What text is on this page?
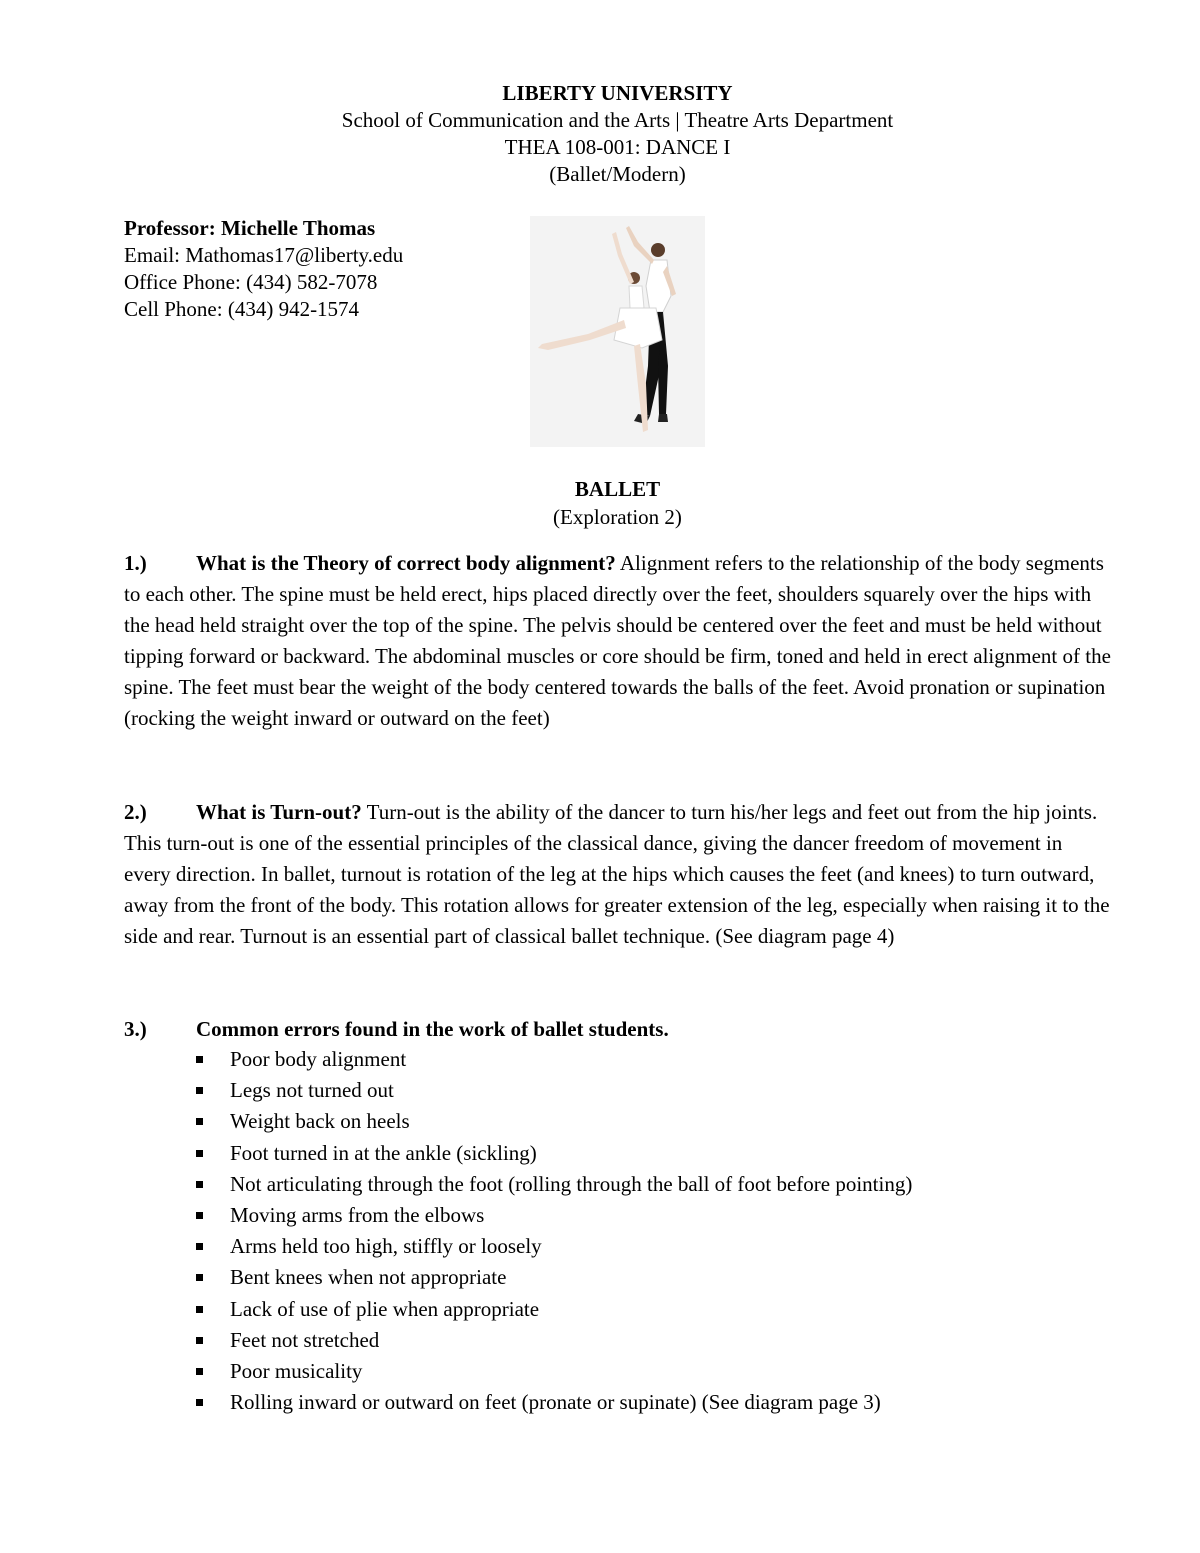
LIBERTY UNIVERSITY
School of Communication and the Arts | Theatre Arts Department
THEA 108-001: DANCE I
(Ballet/Modern)
Professor: Michelle Thomas
Email: Mathomas17@liberty.edu
Office Phone: (434) 582-7078
Cell Phone: (434) 942-1574
BALLET
(Exploration 2)
1.) What is the Theory of correct body alignment? Alignment refers to the relationship of the body segments to each other. The spine must be held erect, hips placed directly over the feet, shoulders squarely over the hips with the head held straight over the top of the spine. The pelvis should be centered over the feet and must be held without tipping forward or backward. The abdominal muscles or core should be firm, toned and held in erect alignment of the spine. The feet must bear the weight of the body centered towards the balls of the feet. Avoid pronation or supination (rocking the weight inward or outward on the feet)
2.) What is Turn-out? Turn-out is the ability of the dancer to turn his/her legs and feet out from the hip joints. This turn-out is one of the essential principles of the classical dance, giving the dancer freedom of movement in every direction. In ballet, turnout is rotation of the leg at the hips which causes the feet (and knees) to turn outward, away from the front of the body. This rotation allows for greater extension of the leg, especially when raising it to the side and rear. Turnout is an essential part of classical ballet technique. (See diagram page 4)
3.) Common errors found in the work of ballet students.
Poor body alignment
Legs not turned out
Weight back on heels
Foot turned in at the ankle (sickling)
Not articulating through the foot (rolling through the ball of foot before pointing)
Moving arms from the elbows
Arms held too high, stiffly or loosely
Bent knees when not appropriate
Lack of use of plie when appropriate
Feet not stretched
Poor musicality
Rolling inward or outward on feet (pronate or supinate) (See diagram page 3)
